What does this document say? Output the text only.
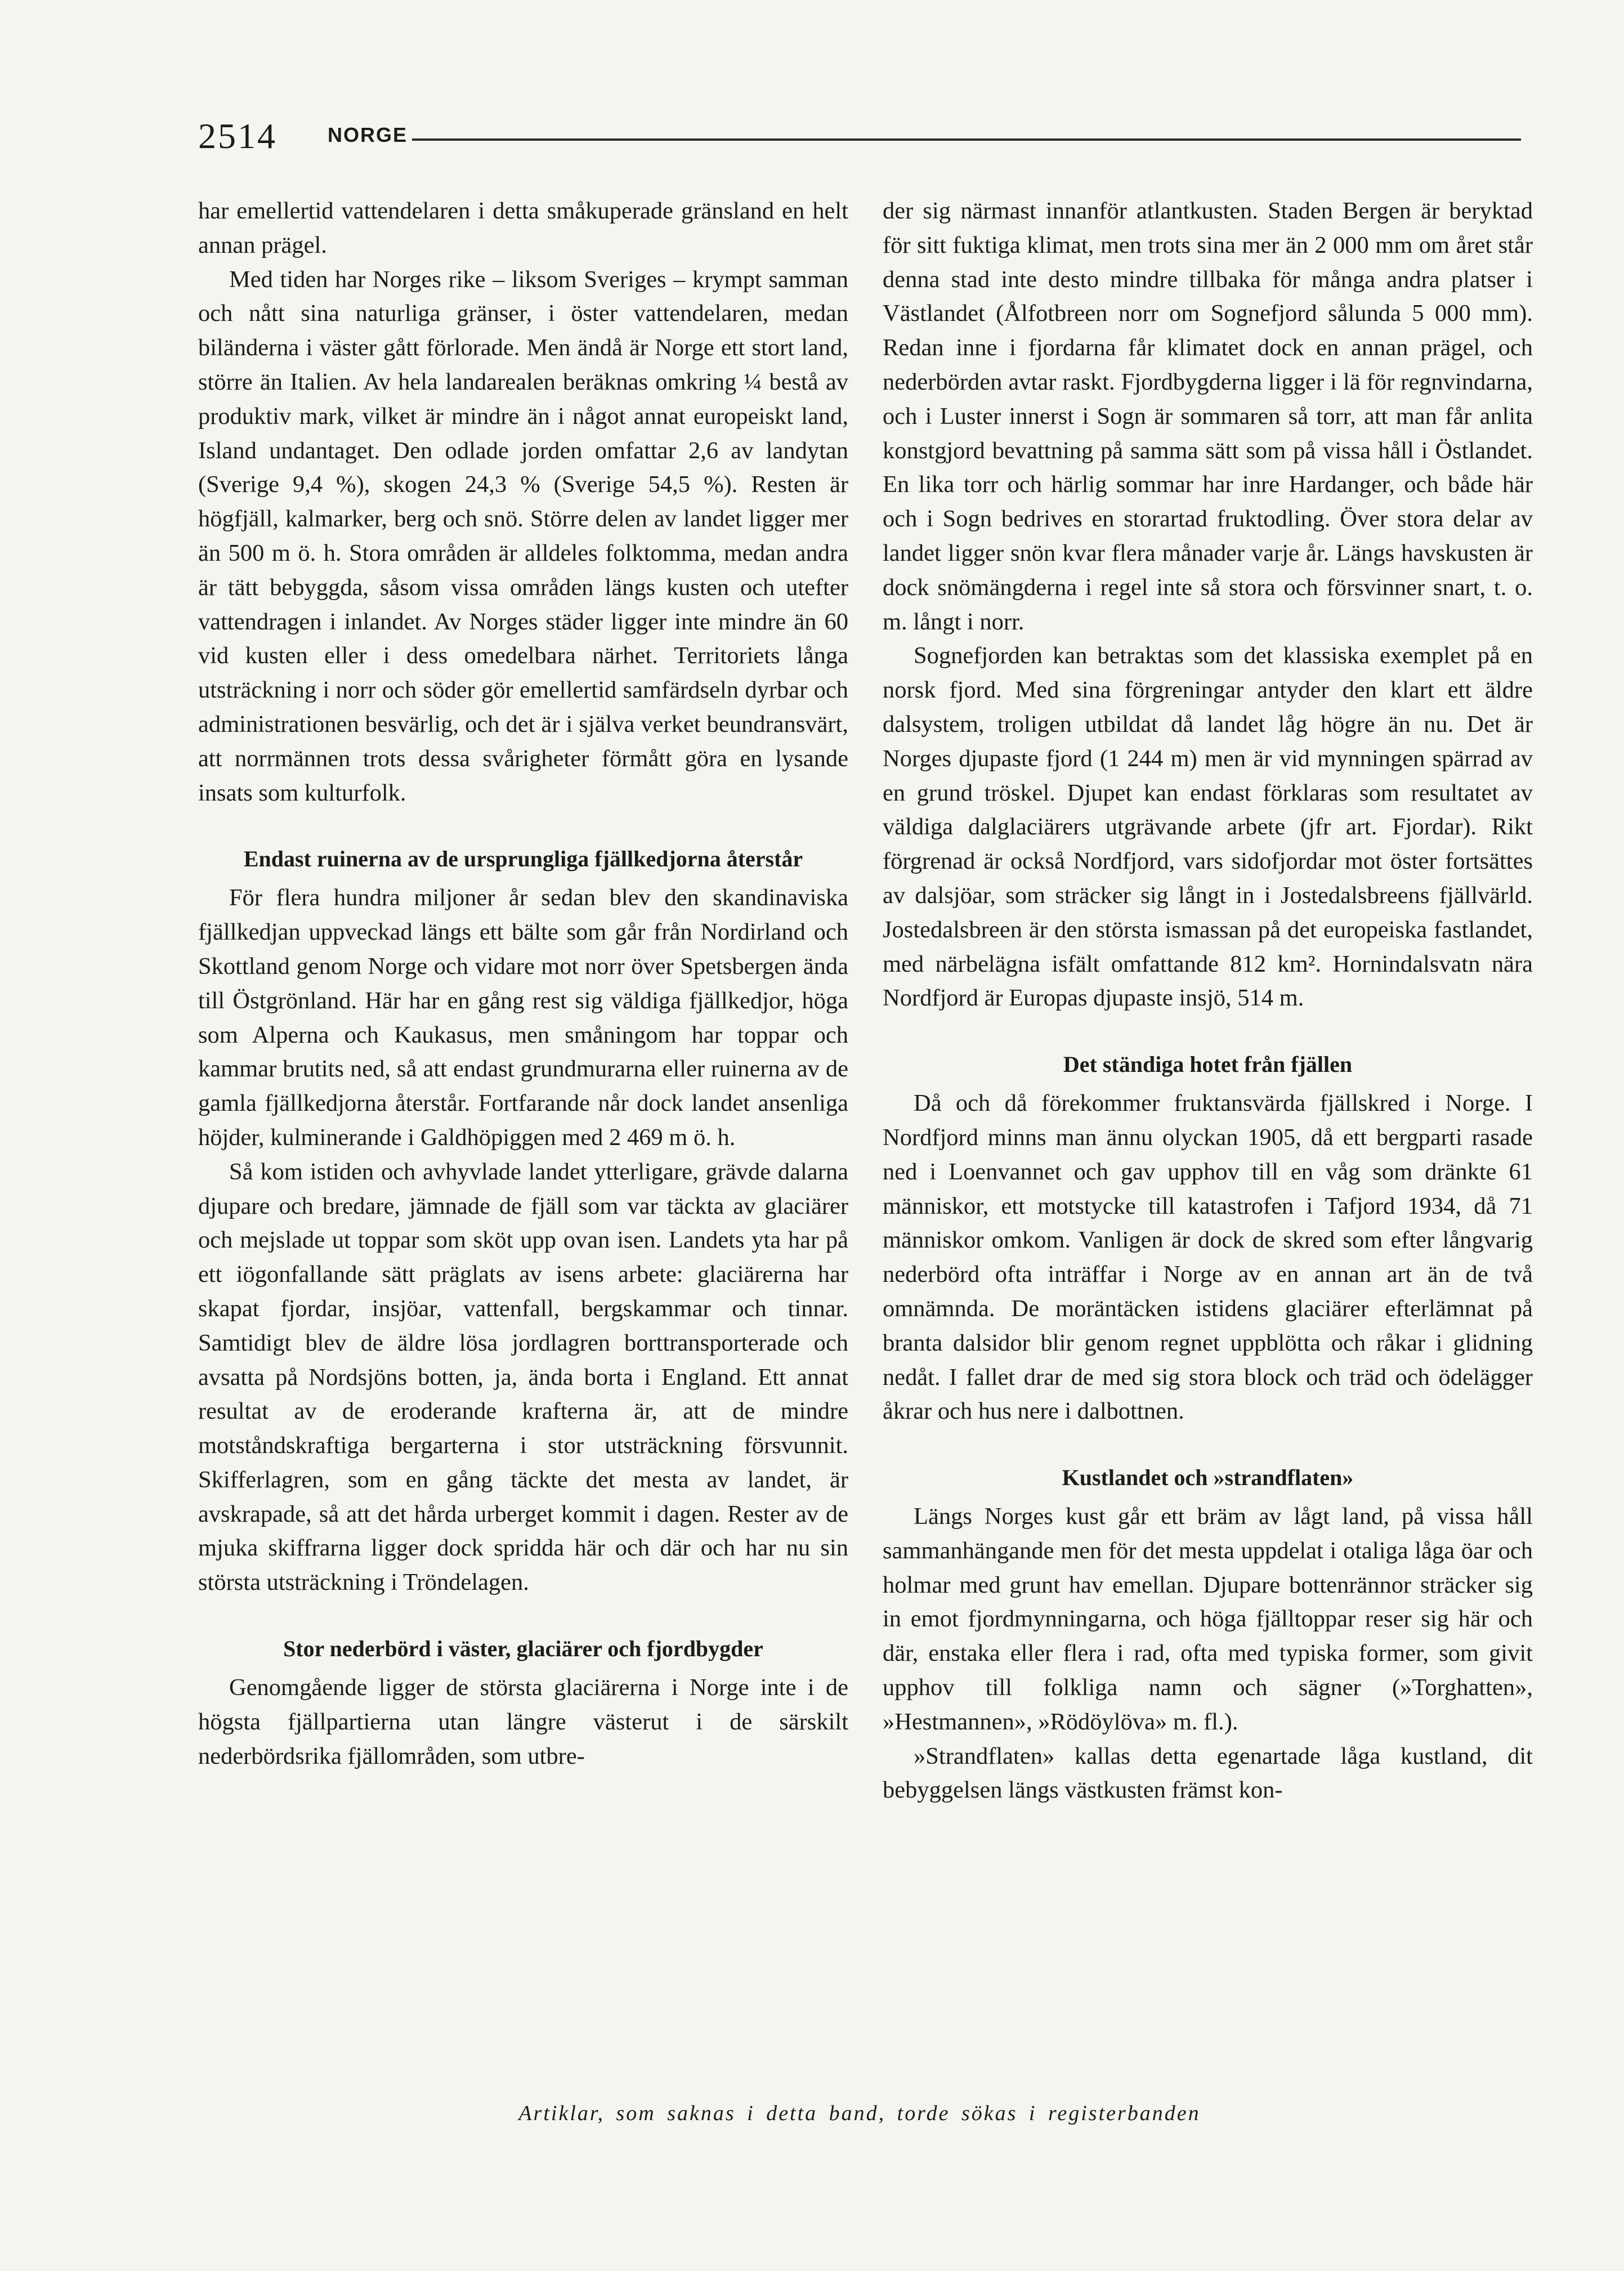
2514	NORGE

har emellertid vattendelaren i detta småkuperade gränsland en helt annan prägel.

Med tiden har Norges rike – liksom Sveriges – krympt samman och nått sina naturliga gränser, i öster vattendelaren, medan biländerna i väster gått förlorade. Men ändå är Norge ett stort land, större än Italien. Av hela landarealen beräknas omkring ¼ bestå av produktiv mark, vilket är mindre än i något annat europeiskt land, Island undantaget. Den odlade jorden omfattar 2,6 av landytan (Sverige 9,4 %), skogen 24,3 % (Sverige 54,5 %). Resten är högfjäll, kalmarker, berg och snö. Större delen av landet ligger mer än 500 m ö. h. Stora områden är alldeles folktomma, medan andra är tätt bebyggda, såsom vissa områden längs kusten och utefter vattendragen i inlandet. Av Norges städer ligger inte mindre än 60 vid kusten eller i dess omedelbara närhet. Territoriets långa utsträckning i norr och söder gör emellertid samfärdseln dyrbar och administrationen besvärlig, och det är i själva verket beundransvärt, att norrmännen trots dessa svårigheter förmått göra en lysande insats som kulturfolk.

Endast ruinerna av de ursprungliga fjällkedjorna återstår

För flera hundra miljoner år sedan blev den skandinaviska fjällkedjan uppveckad längs ett bälte som går från Nordirland och Skottland genom Norge och vidare mot norr över Spetsbergen ända till Östgrönland. Här har en gång rest sig väldiga fjällkedjor, höga som Alperna och Kaukasus, men småningom har toppar och kammar brutits ned, så att endast grundmurarna eller ruinerna av de gamla fjällkedjorna återstår. Fortfarande når dock landet ansenliga höjder, kulminerande i Galdhöpiggen med 2 469 m ö. h.

Så kom istiden och avhyvlade landet ytterligare, grävde dalarna djupare och bredare, jämnade de fjäll som var täckta av glaciärer och mejslade ut toppar som sköt upp ovan isen. Landets yta har på ett iögonfallande sätt präglats av isens arbete: glaciärerna har skapat fjordar, insjöar, vattenfall, bergskammar och tinnar. Samtidigt blev de äldre lösa jordlagren borttransporterade och avsatta på Nordsjöns botten, ja, ända borta i England. Ett annat resultat av de eroderande krafterna är, att de mindre motståndskraftiga bergarterna i stor utsträckning försvunnit. Skifferlagren, som en gång täckte det mesta av landet, är avskrapade, så att det hårda urberget kommit i dagen. Rester av de mjuka skiffrarna ligger dock spridda här och där och har nu sin största utsträckning i Tröndelagen.

Stor nederbörd i väster, glaciärer och fjordbygder

Genomgående ligger de största glaciärerna i Norge inte i de högsta fjällpartierna utan längre västerut i de särskilt nederbördsrika fjällområden, som utbre-

der sig närmast innanför atlantkusten. Staden Bergen är beryktad för sitt fuktiga klimat, men trots sina mer än 2 000 mm om året står denna stad inte desto mindre tillbaka för många andra platser i Västlandet (Ålfotbreen norr om Sognefjord sålunda 5 000 mm). Redan inne i fjordarna får klimatet dock en annan prägel, och nederbörden avtar raskt. Fjordbygderna ligger i lä för regnvindarna, och i Luster innerst i Sogn är sommaren så torr, att man får anlita konstgjord bevattning på samma sätt som på vissa håll i Östlandet. En lika torr och härlig sommar har inre Hardanger, och både här och i Sogn bedrives en storartad fruktodling. Över stora delar av landet ligger snön kvar flera månader varje år. Längs havskusten är dock snömängderna i regel inte så stora och försvinner snart, t. o. m. långt i norr.

Sognefjorden kan betraktas som det klassiska exemplet på en norsk fjord. Med sina förgreningar antyder den klart ett äldre dalsystem, troligen utbildat då landet låg högre än nu. Det är Norges djupaste fjord (1 244 m) men är vid mynningen spärrad av en grund tröskel. Djupet kan endast förklaras som resultatet av väldiga dalglaciärers utgrävande arbete (jfr art. Fjordar). Rikt förgrenad är också Nordfjord, vars sidofjordar mot öster fortsättes av dalsjöar, som sträcker sig långt in i Jostedalsbreens fjällvärld. Jostedalsbreen är den största ismassan på det europeiska fastlandet, med närbelägna isfält omfattande 812 km². Hornindalsvatn nära Nordfjord är Europas djupaste insjö, 514 m.

Det ständiga hotet från fjällen

Då och då förekommer fruktansvärda fjällskred i Norge. I Nordfjord minns man ännu olyckan 1905, då ett bergparti rasade ned i Loenvannet och gav upphov till en våg som dränkte 61 människor, ett motstycke till katastrofen i Tafjord 1934, då 71 människor omkom. Vanligen är dock de skred som efter långvarig nederbörd ofta inträffar i Norge av en annan art än de två omnämnda. De moräntäcken istidens glaciärer efterlämnat på branta dalsidor blir genom regnet uppblötta och råkar i glidning nedåt. I fallet drar de med sig stora block och träd och ödelägger åkrar och hus nere i dalbottnen.

Kustlandet och »strandflaten»

Längs Norges kust går ett bräm av lågt land, på vissa håll sammanhängande men för det mesta uppdelat i otaliga låga öar och holmar med grunt hav emellan. Djupare bottenrännor sträcker sig in emot fjordmynningarna, och höga fjälltoppar reser sig här och där, enstaka eller flera i rad, ofta med typiska former, som givit upphov till folkliga namn och sägner (»Torghatten», »Hestmannen», »Rödöylöva» m. fl.).

»Strandflaten» kallas detta egenartade låga kustland, dit bebyggelsen längs västkusten främst kon-

Artiklar, som saknas i detta band, torde sökas i registerbanden
